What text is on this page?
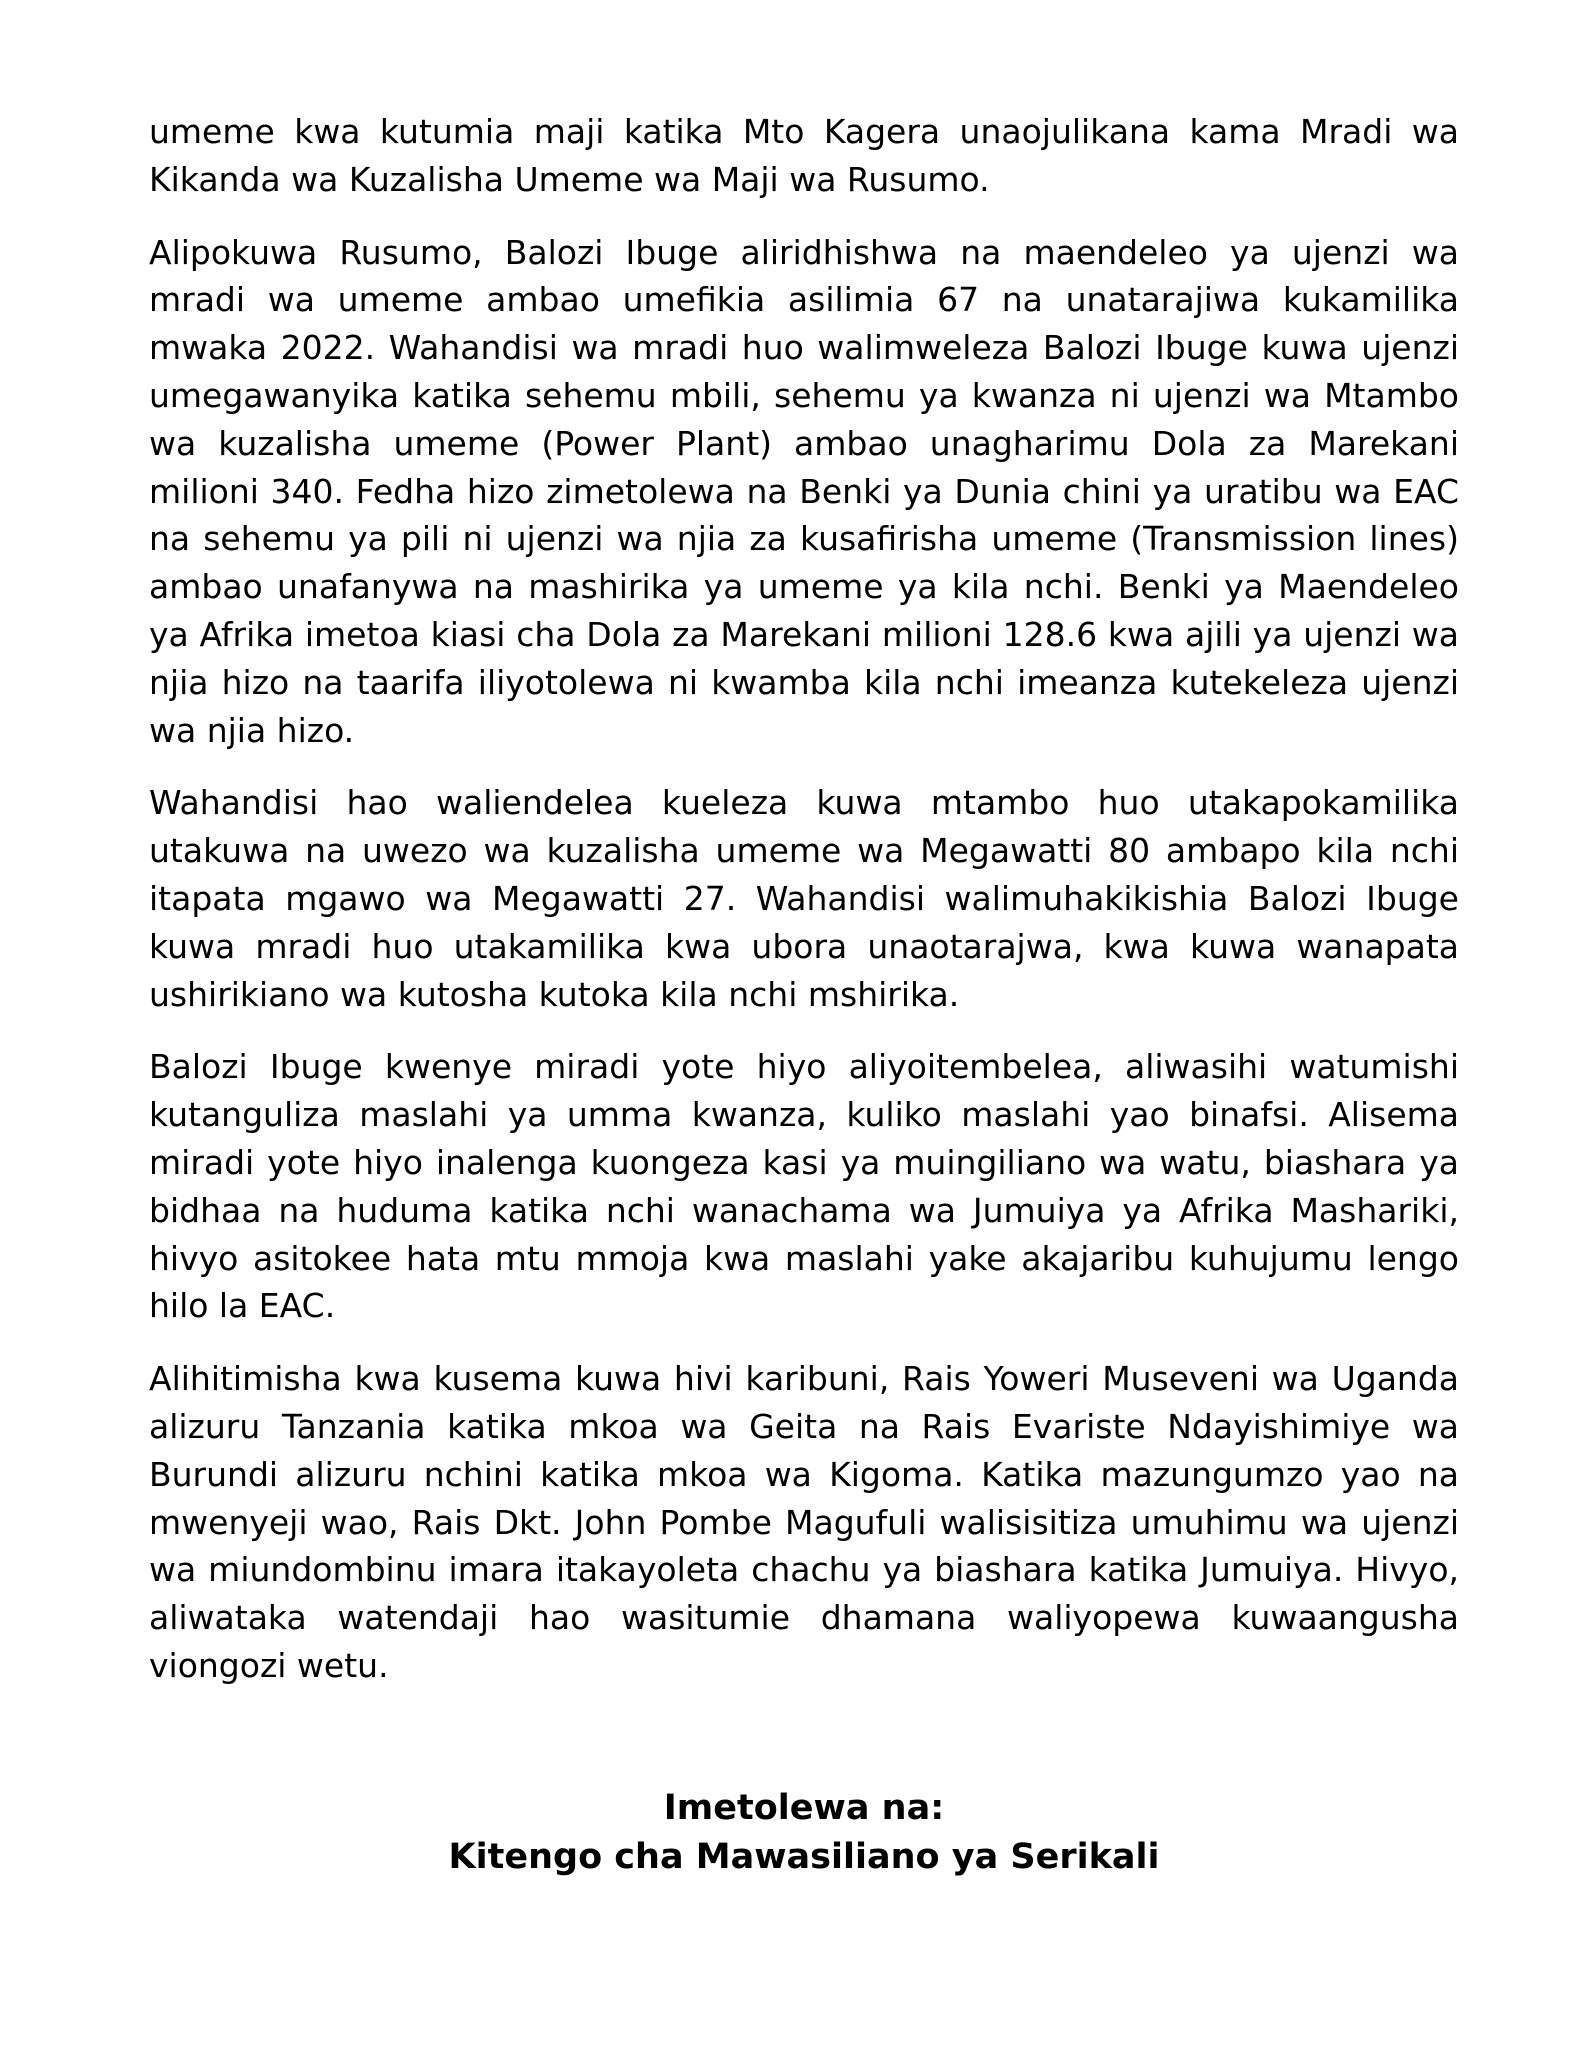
umeme kwa kutumia maji katika Mto Kagera unaojulikana kama Mradi wa Kikanda wa Kuzalisha Umeme wa Maji wa Rusumo.

Alipokuwa Rusumo, Balozi Ibuge aliridhishwa na maendeleo ya ujenzi wa mradi wa umeme ambao umefikia asilimia 67 na unatarajiwa kukamilika mwaka 2022. Wahandisi wa mradi huo walimweleza Balozi Ibuge kuwa ujenzi umegawanyika katika sehemu mbili, sehemu ya kwanza ni ujenzi wa Mtambo wa kuzalisha umeme (Power Plant) ambao unagharimu Dola za Marekani milioni 340. Fedha hizo zimetolewa na Benki ya Dunia chini ya uratibu wa EAC na sehemu ya pili ni ujenzi wa njia za kusafirisha umeme (Transmission lines) ambao unafanywa na mashirika ya umeme ya kila nchi. Benki ya Maendeleo ya Afrika imetoa kiasi cha Dola za Marekani milioni 128.6 kwa ajili ya ujenzi wa njia hizo na taarifa iliyotolewa ni kwamba kila nchi imeanza kutekeleza ujenzi wa njia hizo.

Wahandisi hao waliendelea kueleza kuwa mtambo huo utakapokamilika utakuwa na uwezo wa kuzalisha umeme wa Megawatti 80 ambapo kila nchi itapata mgawo wa Megawatti 27. Wahandisi walimuhakikishia Balozi Ibuge kuwa mradi huo utakamilika kwa ubora unaotarajwa, kwa kuwa wanapata ushirikiano wa kutosha kutoka kila nchi mshirika.

Balozi Ibuge kwenye miradi yote hiyo aliyoitembelea, aliwasihi watumishi kutanguliza maslahi ya umma kwanza, kuliko maslahi yao binafsi. Alisema miradi yote hiyo inalenga kuongeza kasi ya muingiliano wa watu, biashara ya bidhaa na huduma katika nchi wanachama wa Jumuiya ya Afrika Mashariki, hivyo asitokee hata mtu mmoja kwa maslahi yake akajaribu kuhujumu lengo hilo la EAC.

Alihitimisha kwa kusema kuwa hivi karibuni, Rais Yoweri Museveni wa Uganda alizuru Tanzania katika mkoa wa Geita na Rais Evariste Ndayishimiye wa Burundi alizuru nchini katika mkoa wa Kigoma. Katika mazungumzo yao na mwenyeji wao, Rais Dkt. John Pombe Magufuli walisisitiza umuhimu wa ujenzi wa miundombinu imara itakayoleta chachu ya biashara katika Jumuiya. Hivyo, aliwataka watendaji hao wasitumie dhamana waliyopewa kuwaangusha viongozi wetu.

Imetolewa na:
Kitengo cha Mawasiliano ya Serikali
